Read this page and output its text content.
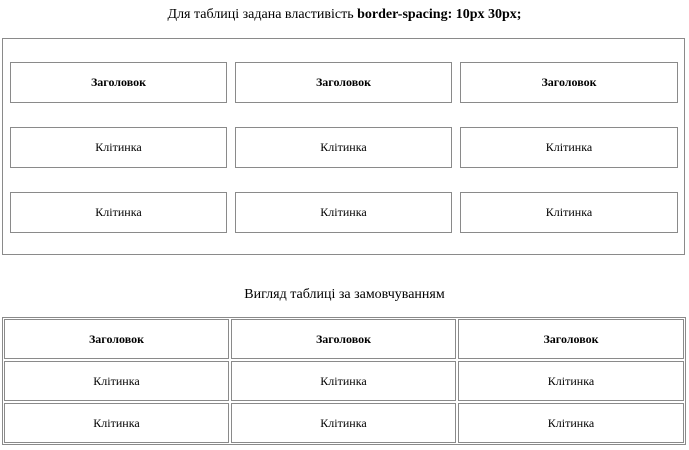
Для таблиці задана властивість border-spacing: 10px 30px;
Заголовок	Заголовок	Заголовок
Клітинка	Клітинка	Клітинка
Клітинка	Клітинка	Клітинка
Вигляд таблиці за замовчуванням
Заголовок	Заголовок	Заголовок
Клітинка	Клітинка	Клітинка
Клітинка	Клітинка	Клітинка
